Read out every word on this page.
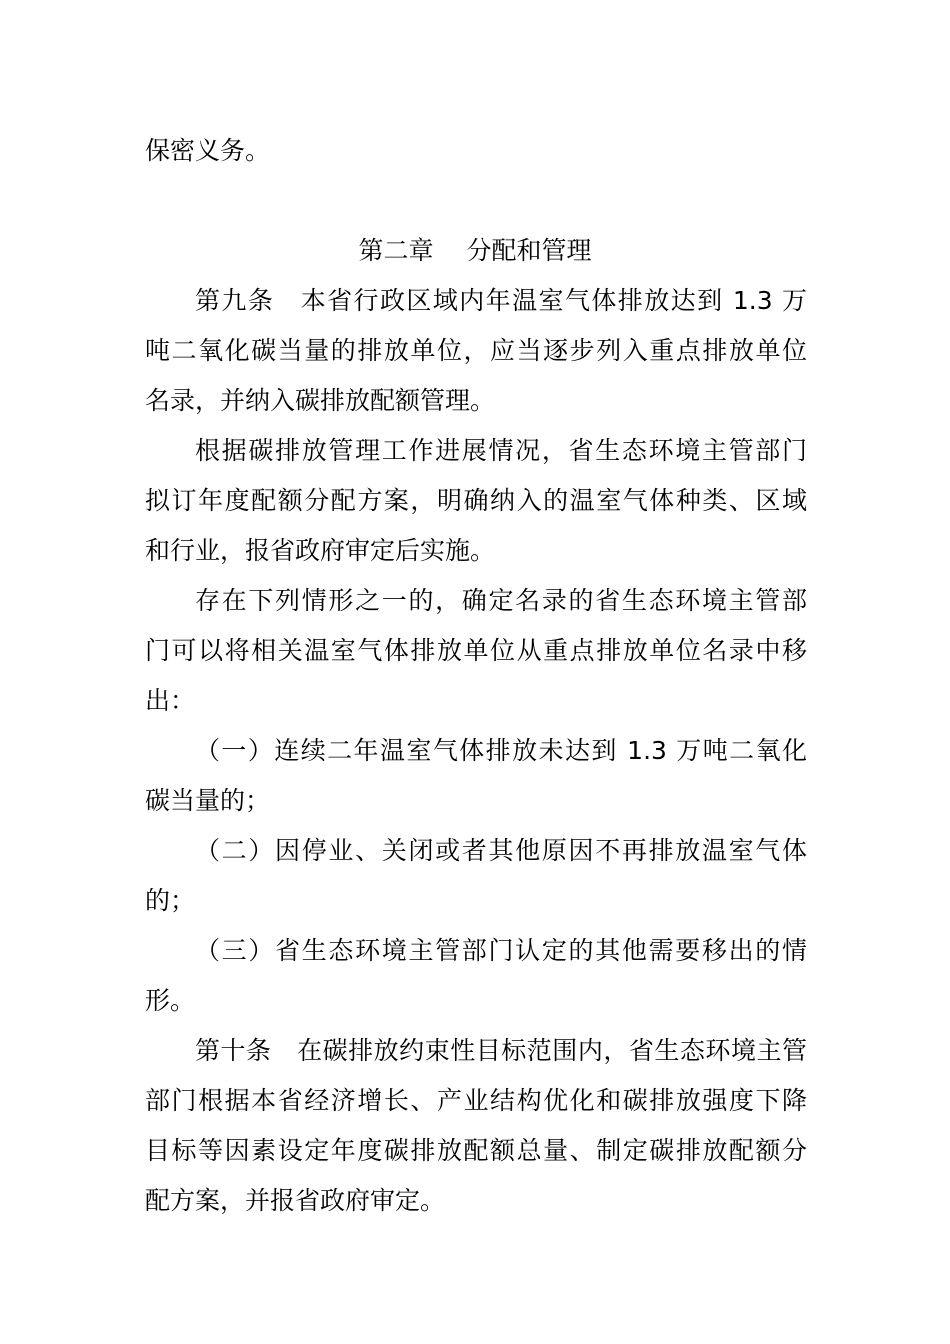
保密义务。
第二章　 分配和管理
第九条　本省行政区域内年温室气体排放达到 1.3 万
吨二氧化碳当量的排放单位，应当逐步列入重点排放单位
名录，并纳入碳排放配额管理。
根据碳排放管理工作进展情况，省生态环境主管部门
拟订年度配额分配方案，明确纳入的温室气体种类、区域
和行业，报省政府审定后实施。
存在下列情形之一的，确定名录的省生态环境主管部
门可以将相关温室气体排放单位从重点排放单位名录中移
出：
（一）连续二年温室气体排放未达到 1.3 万吨二氧化
碳当量的；
（二）因停业、关闭或者其他原因不再排放温室气体
的；
（三）省生态环境主管部门认定的其他需要移出的情
形。
第十条　在碳排放约束性目标范围内，省生态环境主管
部门根据本省经济增长、产业结构优化和碳排放强度下降
目标等因素设定年度碳排放配额总量、制定碳排放配额分
配方案，并报省政府审定。
